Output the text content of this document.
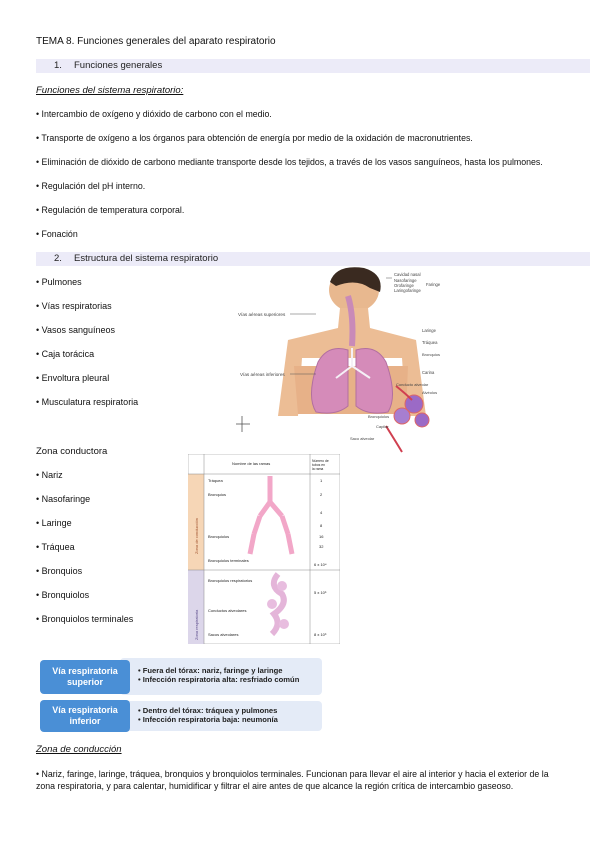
TEMA 8. Funciones generales del aparato respiratorio
1. Funciones generales
Funciones del sistema respiratorio:
• Intercambio de oxígeno y dióxido de carbono con el medio.
• Transporte de oxígeno a los órganos para obtención de energía por medio de la oxidación de macronutrientes.
• Eliminación de dióxido de carbono mediante transporte desde los tejidos, a través de los vasos sanguíneos, hasta los pulmones.
• Regulación del pH interno.
• Regulación de temperatura corporal.
• Fonación
2. Estructura del sistema respiratorio
• Pulmones
• Vías respiratorias
• Vasos sanguíneos
• Caja torácica
• Envoltura pleural
• Musculatura respiratoria
Vías aéreas superiores
Vías aéreas inferiores
Cavidad nasal
Nasofaringe
Orofaringe
Laringofaringe
Faringe
Laringe
Tráquea
Bronquios
Carina
Conducto alveolar
Alvéolos
Bronquiolos
Capilar
Saco alveolar
Zona conductora
• Nariz
• Nasofaringe
• Laringe
• Tráquea
• Bronquios
• Bronquiolos
• Bronquiolos terminales
Nombre de las ramas	Número de
tubos en
la rama
Zona de conducción
Zona respiratoria
Tráquea
Bronquios
Bronquiolos
Bronquiolos terminales
Bronquiolos respiratorios
Conductos alveolares
Sacos alveolares
1
2
4
8
16
32
6 x 10⁴
5 x 10⁵
8 x 10⁶
• Fuera del tórax: nariz, faringe y laringe
• Infección respiratoria alta: resfriado común
Vía respiratoria superior
• Dentro del tórax: tráquea y pulmones
• Infección respiratoria baja: neumonía
Vía respiratoria inferior
Zona de conducción
• Nariz, faringe, laringe, tráquea, bronquios y bronquiolos terminales. Funcionan para llevar el aire al interior y hacia el exterior de la zona respiratoria, y para calentar, humidificar y filtrar el aire antes de que alcance la región crítica de intercambio gaseoso.
